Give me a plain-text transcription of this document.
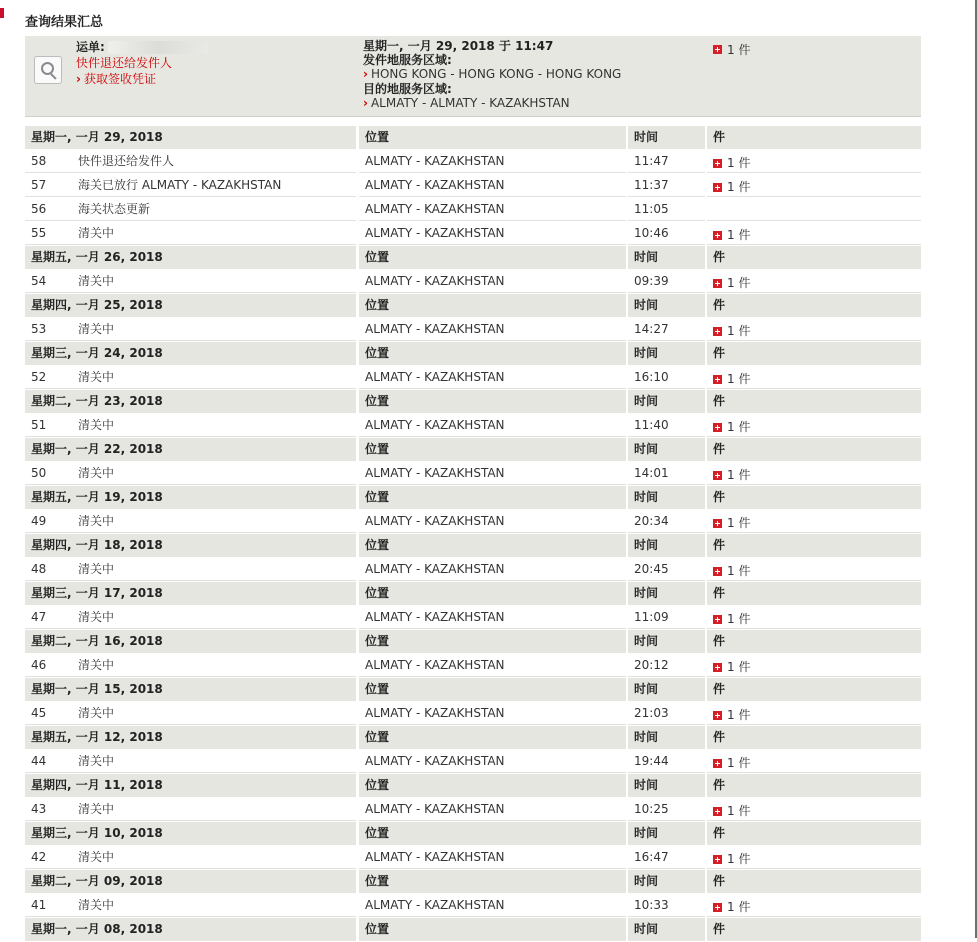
查询结果汇总
运单:
快件退还给发件人
› 获取签收凭证
星期一, 一月 29, 2018 于 11:47
发件地服务区域:
› HONG KONG - HONG KONG - HONG KONG
目的地服务区域:
› ALMATY - ALMATY - KAZAKHSTAN
1 件
星期一, 一月 29, 2018	位置	时间	件
58	快件退还给发件人	ALMATY - KAZAKHSTAN	11:47	1 件
57	海关已放行 ALMATY - KAZAKHSTAN	ALMATY - KAZAKHSTAN	11:37	1 件
56	海关状态更新	ALMATY - KAZAKHSTAN	11:05
55	清关中	ALMATY - KAZAKHSTAN	10:46	1 件
星期五, 一月 26, 2018	位置	时间	件
54	清关中	ALMATY - KAZAKHSTAN	09:39	1 件
星期四, 一月 25, 2018	位置	时间	件
53	清关中	ALMATY - KAZAKHSTAN	14:27	1 件
星期三, 一月 24, 2018	位置	时间	件
52	清关中	ALMATY - KAZAKHSTAN	16:10	1 件
星期二, 一月 23, 2018	位置	时间	件
51	清关中	ALMATY - KAZAKHSTAN	11:40	1 件
星期一, 一月 22, 2018	位置	时间	件
50	清关中	ALMATY - KAZAKHSTAN	14:01	1 件
星期五, 一月 19, 2018	位置	时间	件
49	清关中	ALMATY - KAZAKHSTAN	20:34	1 件
星期四, 一月 18, 2018	位置	时间	件
48	清关中	ALMATY - KAZAKHSTAN	20:45	1 件
星期三, 一月 17, 2018	位置	时间	件
47	清关中	ALMATY - KAZAKHSTAN	11:09	1 件
星期二, 一月 16, 2018	位置	时间	件
46	清关中	ALMATY - KAZAKHSTAN	20:12	1 件
星期一, 一月 15, 2018	位置	时间	件
45	清关中	ALMATY - KAZAKHSTAN	21:03	1 件
星期五, 一月 12, 2018	位置	时间	件
44	清关中	ALMATY - KAZAKHSTAN	19:44	1 件
星期四, 一月 11, 2018	位置	时间	件
43	清关中	ALMATY - KAZAKHSTAN	10:25	1 件
星期三, 一月 10, 2018	位置	时间	件
42	清关中	ALMATY - KAZAKHSTAN	16:47	1 件
星期二, 一月 09, 2018	位置	时间	件
41	清关中	ALMATY - KAZAKHSTAN	10:33	1 件
星期一, 一月 08, 2018	位置	时间	件
